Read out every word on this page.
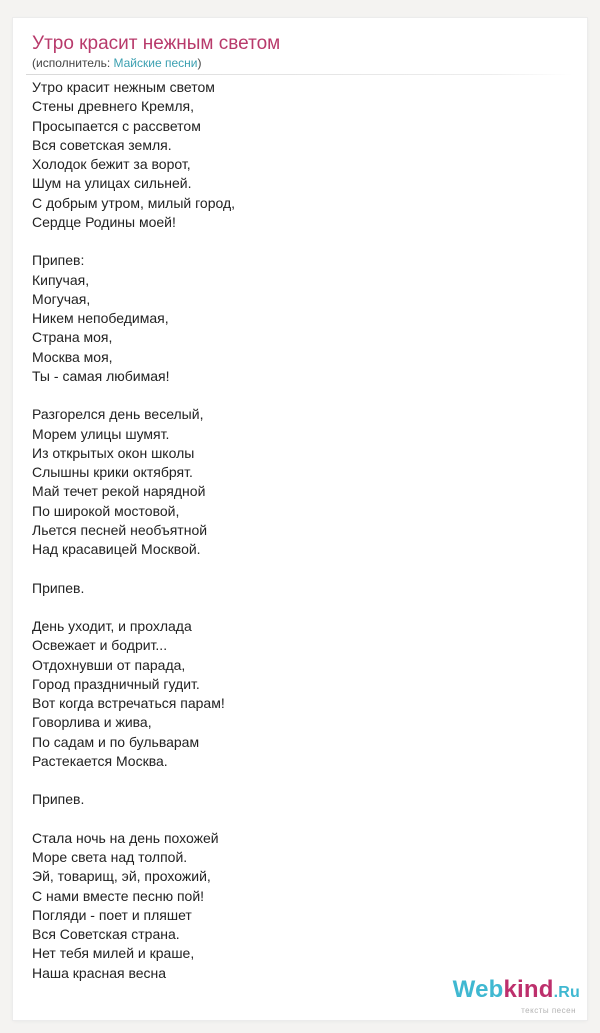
Утро красит нежным светом
(исполнитель: Майские песни)
Утро красит нежным светом
Стены древнего Кремля,
Просыпается с рассветом
Вся советская земля.
Холодок бежит за ворот,
Шум на улицах сильней.
С добрым утром, милый город,
Сердце Родины моей!
Припев:
Кипучая,
Могучая,
Никем непобедимая,
Страна моя,
Москва моя,
Ты - самая любимая!
Разгорелся день веселый,
Морем улицы шумят.
Из открытых окон школы
Слышны крики октябрят.
Май течет рекой нарядной
По широкой мостовой,
Льется песней необъятной
Над красавицей Москвой.
Припев.
День уходит, и прохлада
Освежает и бодрит...
Отдохнувши от парада,
Город праздничный гудит.
Вот когда встречаться парам!
Говорлива и жива,
По садам и по бульварам
Растекается Москва.
Припев.
Стала ночь на день похожей
Море света над толпой.
Эй, товарищ, эй, прохожий,
С нами вместе песню пой!
Погляди - поет и пляшет
Вся Советская страна.
Нет тебя милей и краше,
Наша красная весна
Webkind.Ru
тексты песен
